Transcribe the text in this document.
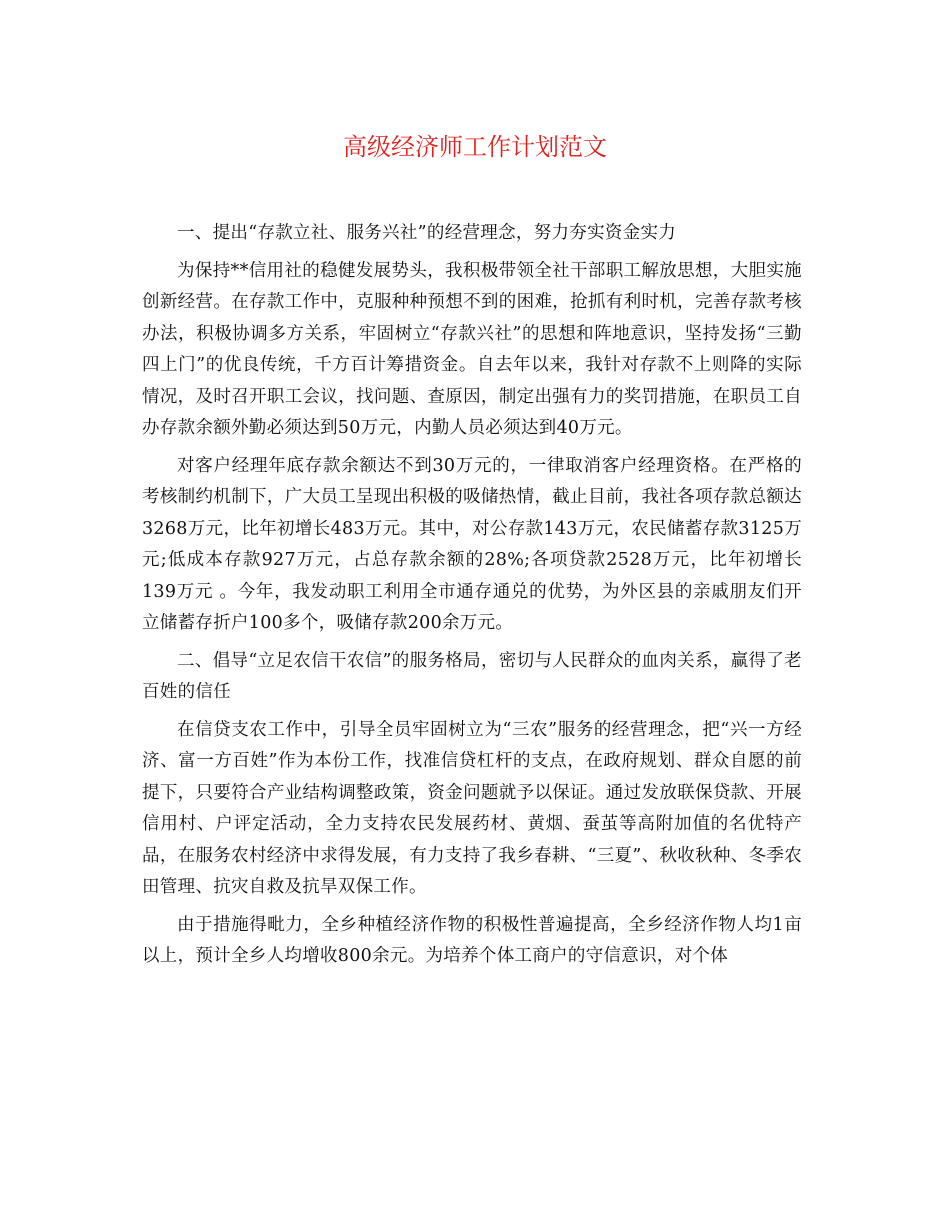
高级经济师工作计划范文

一、提出“存款立社、服务兴社”的经营理念，努力夯实资金实力

为保持**信用社的稳健发展势头，我积极带领全社干部职工解放思想，大胆实施创新经营。在存款工作中，克服种种预想不到的困难，抢抓有利时机，完善存款考核办法，积极协调多方关系，牢固树立“存款兴社”的思想和阵地意识，坚持发扬“三勤四上门”的优良传统，千方百计筹措资金。自去年以来，我针对存款不上则降的实际情况，及时召开职工会议，找问题、查原因，制定出强有力的奖罚措施，在职员工自办存款余额外勤必须达到50万元，内勤人员必须达到40万元。

对客户经理年底存款余额达不到30万元的，一律取消客户经理资格。在严格的考核制约机制下，广大员工呈现出积极的吸储热情，截止目前，我社各项存款总额达3268万元，比年初增长483万元。其中，对公存款143万元，农民储蓄存款3125万元;低成本存款927万元，占总存款余额的28%;各项贷款2528万元，比年初增长139万元 。今年，我发动职工利用全市通存通兑的优势，为外区县的亲戚朋友们开立储蓄存折户100多个，吸储存款200余万元。

二、倡导“立足农信干农信”的服务格局，密切与人民群众的血肉关系，赢得了老百姓的信任

在信贷支农工作中，引导全员牢固树立为“三农”服务的经营理念，把“兴一方经济、富一方百姓”作为本份工作，找准信贷杠杆的支点，在政府规划、群众自愿的前提下，只要符合产业结构调整政策，资金问题就予以保证。通过发放联保贷款、开展信用村、户评定活动，全力支持农民发展药材、黄烟、蚕茧等高附加值的名优特产品，在服务农村经济中求得发展，有力支持了我乡春耕、“三夏”、秋收秋种、冬季农田管理、抗灾自救及抗旱双保工作。

由于措施得毗力，全乡种植经济作物的积极性普遍提高，全乡经济作物人均1亩以上，预计全乡人均增收800余元。为培养个体工商户的守信意识，对个体
